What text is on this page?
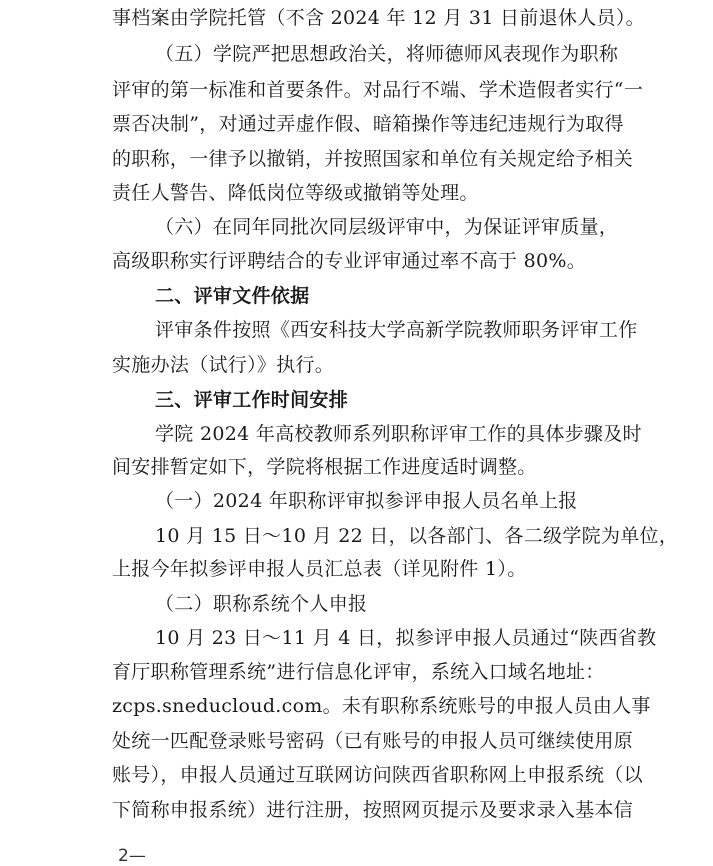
事档案由学院托管（不含 2024 年 12 月 31 日前退休人员）。
（五）学院严把思想政治关，将师德师风表现作为职称
评审的第一标准和首要条件。对品行不端、学术造假者实行“一
票否决制”，对通过弄虚作假、暗箱操作等违纪违规行为取得
的职称，一律予以撤销，并按照国家和单位有关规定给予相关
责任人警告、降低岗位等级或撤销等处理。
（六）在同年同批次同层级评审中，为保证评审质量，
高级职称实行评聘结合的专业评审通过率不高于 80%。
二、评审文件依据
评审条件按照《西安科技大学高新学院教师职务评审工作
实施办法（试行）》执行。
三、评审工作时间安排
学院 2024 年高校教师系列职称评审工作的具体步骤及时
间安排暂定如下，学院将根据工作进度适时调整。
（一）2024 年职称评审拟参评申报人员名单上报
10 月 15 日～10 月 22 日，以各部门、各二级学院为单位，
上报今年拟参评申报人员汇总表（详见附件 1）。
（二）职称系统个人申报
10 月 23 日～11 月 4 日，拟参评申报人员通过“陕西省教
育厅职称管理系统”进行信息化评审，系统入口域名地址：
zcps.sneducloud.com。未有职称系统账号的申报人员由人事
处统一匹配登录账号密码（已有账号的申报人员可继续使用原
账号），申报人员通过互联网访问陕西省职称网上申报系统（以
下简称申报系统）进行注册，按照网页提示及要求录入基本信
2—
